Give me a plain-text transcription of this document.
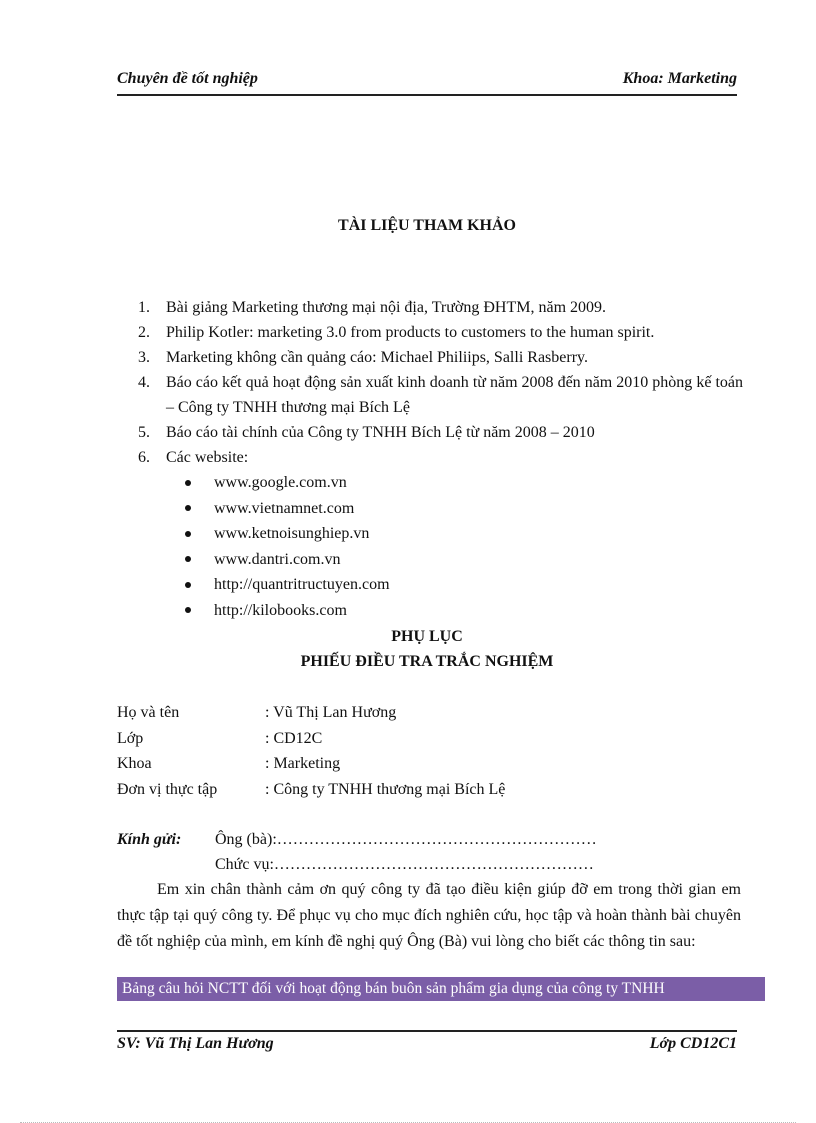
Chuyên đề tốt nghiệp	Khoa: Marketing
TÀI LIỆU THAM KHẢO
1.	Bài giảng Marketing thương mại nội địa, Trường ĐHTM, năm 2009.
2.	Philip Kotler: marketing 3.0 from products to customers to the human spirit.
3.	Marketing không cần quảng cáo: Michael Philiips, Salli Rasberry.
4.	Báo cáo kết quả hoạt động sản xuất kinh doanh từ năm 2008 đến năm 2010 phòng kế toán – Công ty TNHH thương mại Bích Lệ
5.	Báo cáo tài chính của Công ty TNHH Bích Lệ từ năm 2008 – 2010
6.	Các website:
www.google.com.vn
www.vietnamnet.com
www.ketnoisunghiep.vn
www.dantri.com.vn
http://quantritructuyen.com
http://kilobooks.com
PHỤ LỤC
PHIẾU ĐIỀU TRA TRẮC NGHIỆM
Họ và tên	: Vũ Thị Lan Hương
Lớp	: CD12C
Khoa	: Marketing
Đơn vị thực tập	: Công ty TNHH thương mại Bích Lệ
Kính gửi:	Ông (bà):……………………………………………………
Chức vụ:……………………………………………………

Em xin chân thành cảm ơn quý công ty đã tạo điều kiện giúp đỡ em trong thời gian em thực tập tại quý công ty. Để phục vụ cho mục đích nghiên cứu, học tập và hoàn thành bài chuyên đề tốt nghiệp của mình, em kính đề nghị quý Ông (Bà) vui lòng cho biết các thông tin sau:

Bảng câu hỏi NCTT đối với hoạt động bán buôn sản phẩm gia dụng của công ty TNHH
SV: Vũ Thị Lan Hương	Lớp CD12C1
